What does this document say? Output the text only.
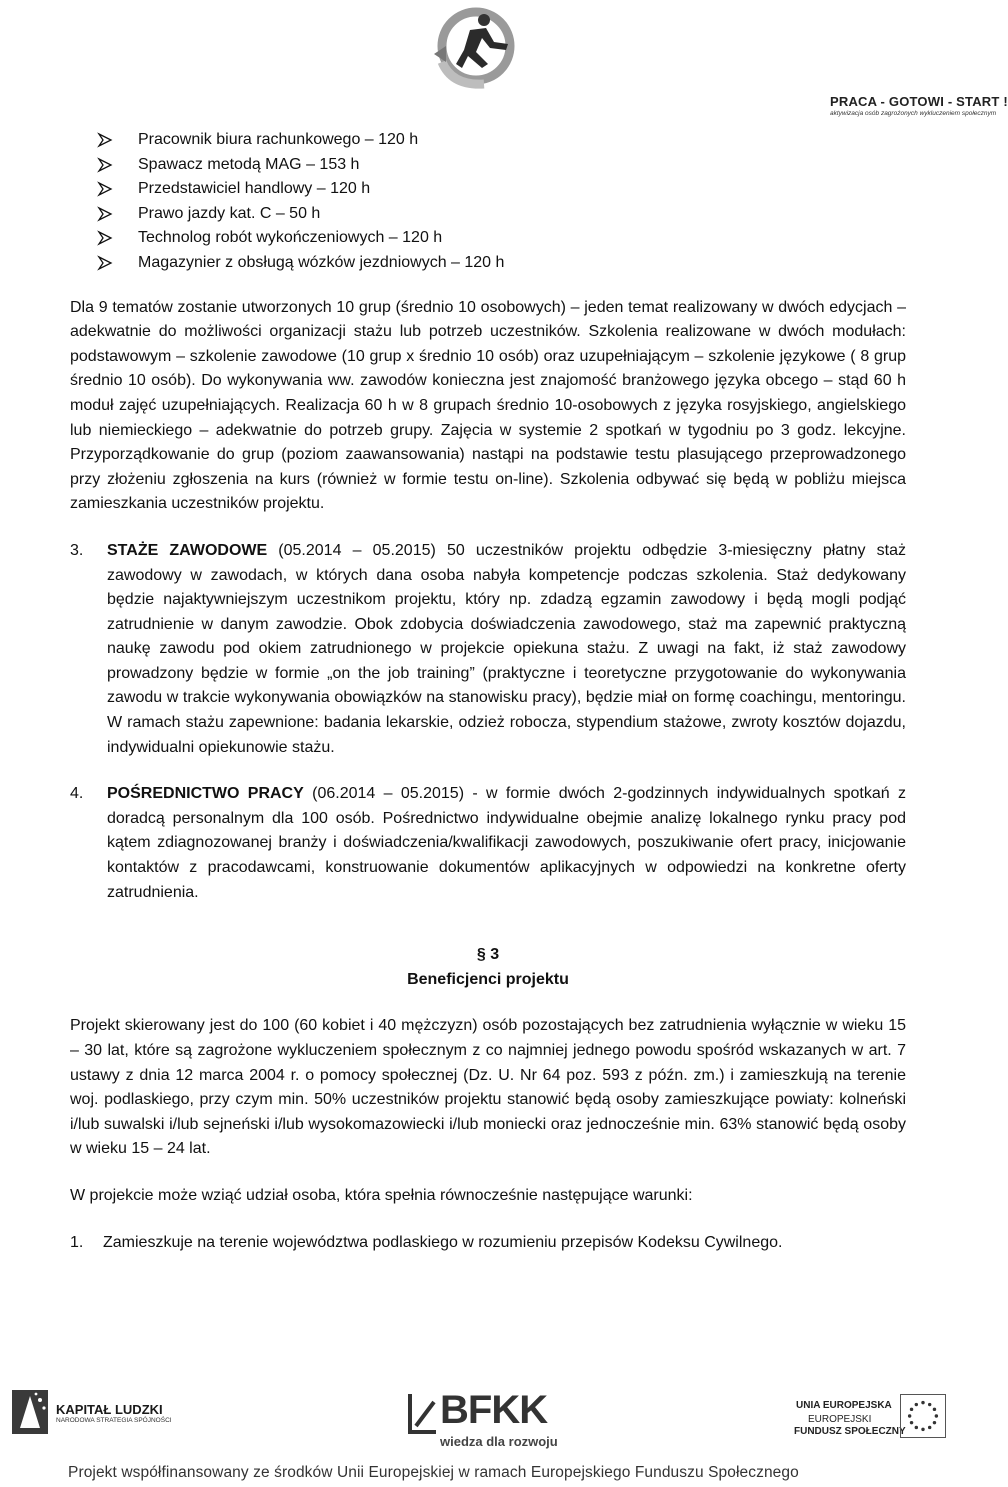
PRACA - GOTOWI - START !
aktywizacja osób zagrożonych wykluczeniem społecznym
Pracownik biura rachunkowego – 120 h
Spawacz metodą MAG – 153 h
Przedstawiciel handlowy – 120 h
Prawo jazdy kat. C – 50 h
Technolog robót wykończeniowych – 120 h
Magazynier z obsługą wózków jezdniowych – 120 h

Dla 9 tematów zostanie utworzonych 10 grup (średnio 10 osobowych) – jeden temat realizowany w dwóch edycjach – adekwatnie do możliwości organizacji stażu lub potrzeb uczestników. Szkolenia realizowane w dwóch modułach: podstawowym – szkolenie zawodowe (10 grup x średnio 10 osób) oraz uzupełniającym – szkolenie językowe ( 8 grup średnio 10 osób). Do wykonywania ww. zawodów konieczna jest znajomość branżowego języka obcego – stąd 60 h moduł zajęć uzupełniających. Realizacja 60 h w 8 grupach średnio 10-osobowych z języka rosyjskiego, angielskiego lub niemieckiego – adekwatnie do potrzeb grupy. Zajęcia w systemie 2 spotkań w tygodniu po 3 godz. lekcyjne. Przyporządkowanie do grup (poziom zaawansowania) nastąpi na podstawie testu plasującego przeprowadzonego przy złożeniu zgłoszenia na kurs (również w formie testu on-line). Szkolenia odbywać się będą w pobliżu miejsca zamieszkania uczestników projektu.

3. STAŻE ZAWODOWE (05.2014 – 05.2015) 50 uczestników projektu odbędzie 3-miesięczny płatny staż zawodowy w zawodach, w których dana osoba nabyła kompetencje podczas szkolenia. Staż dedykowany będzie najaktywniejszym uczestnikom projektu, który np. zdadzą egzamin zawodowy i będą mogli podjąć zatrudnienie w danym zawodzie. Obok zdobycia doświadczenia zawodowego, staż ma zapewnić praktyczną naukę zawodu pod okiem zatrudnionego w projekcie opiekuna stażu. Z uwagi na fakt, iż staż zawodowy prowadzony będzie w formie „on the job training” (praktyczne i teoretyczne przygotowanie do wykonywania zawodu w trakcie wykonywania obowiązków na stanowisku pracy), będzie miał on formę coachingu, mentoringu. W ramach stażu zapewnione: badania lekarskie, odzież robocza, stypendium stażowe, zwroty kosztów dojazdu, indywidualni opiekunowie stażu.
4. POŚREDNICTWO PRACY (06.2014 – 05.2015) - w formie dwóch 2-godzinnych indywidualnych spotkań z doradcą personalnym dla 100 osób. Pośrednictwo indywidualne obejmie analizę lokalnego rynku pracy pod kątem zdiagnozowanej branży i doświadczenia/kwalifikacji zawodowych, poszukiwanie ofert pracy, inicjowanie kontaktów z pracodawcami, konstruowanie dokumentów aplikacyjnych w odpowiedzi na konkretne oferty zatrudnienia.
§ 3
Beneficjenci projektu

Projekt skierowany jest do 100 (60 kobiet i 40 mężczyzn) osób pozostających bez zatrudnienia wyłącznie w wieku 15 – 30 lat, które są zagrożone wykluczeniem społecznym z co najmniej jednego powodu spośród wskazanych w art. 7 ustawy z dnia 12 marca 2004 r. o pomocy społecznej (Dz. U. Nr 64 poz. 593 z późn. zm.) i zamieszkują na terenie woj. podlaskiego, przy czym min. 50% uczestników projektu stanowić będą osoby zamieszkujące powiaty: kolneński i/lub suwalski i/lub sejneński i/lub wysokomazowiecki i/lub moniecki oraz jednocześnie min. 63% stanowić będą osoby w wieku 15 – 24 lat.

W projekcie może wziąć udział osoba, która spełnia równocześnie następujące warunki:

1. Zamieszkuje na terenie województwa podlaskiego w rozumieniu przepisów Kodeksu Cywilnego.
KAPITAŁ LUDZKI
NARODOWA STRATEGIA SPÓJNOŚCI	BFKK
wiedza dla rozwoju
UNIA EUROPEJSKA
EUROPEJSKI
FUNDUSZ SPOŁECZNY
Projekt współfinansowany ze środków Unii Europejskiej w ramach Europejskiego Funduszu Społecznego
